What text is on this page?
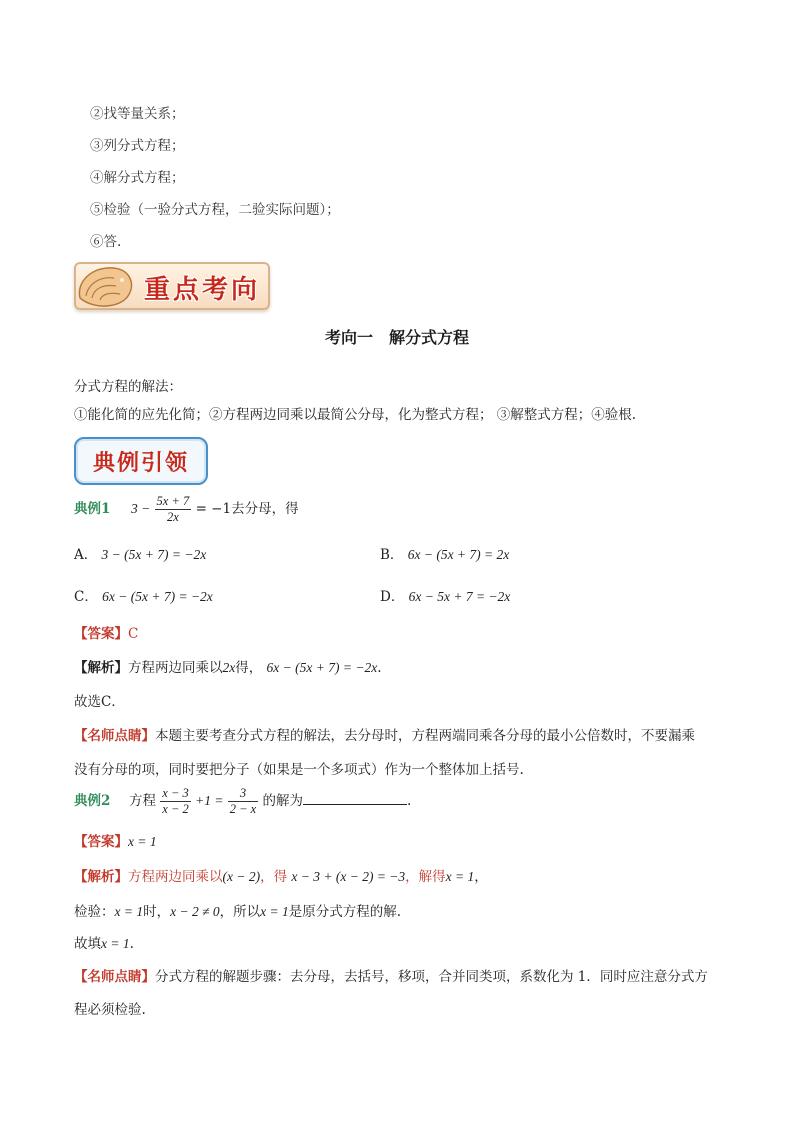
②找等量关系；
③列分式方程；
④解分式方程；
⑤检验（一验分式方程，二验实际问题）；
⑥答.
重点考向
考向一　解分式方程
分式方程的解法：
①能化简的应先化简；②方程两边同乘以最简公分母，化为整式方程； ③解整式方程；④验根.
典例引领
典例1 $3 - \frac{5x + 7}{2x} = -1$去分母，得
A． 3 − (5x + 7) = −2x	B． 6x − (5x + 7) = 2x
C． 6x − (5x + 7) = −2x	D． 6x − 5x + 7 = −2x
【答案】C
【解析】方程两边同乘以2x得， 6x − (5x + 7) = −2x.
故选C．
【名师点睛】本题主要考查分式方程的解法，去分母时，方程两端同乘各分母的最小公倍数时，不要漏乘
没有分母的项，同时要把分子（如果是一个多项式）作为一个整体加上括号.
典例2 方程 $\frac{x - 3}{x - 2} +1 = \frac{3}{2 - x}$ 的解为	.
【答案】x = 1
【解析】方程两边同乘以(x − 2)，得 x − 3 + (x − 2) = −3，解得x = 1，
检验：x = 1时，x − 2 ≠ 0，所以x = 1是原分式方程的解.
故填x = 1.
【名师点睛】分式方程的解题步骤：去分母，去括号，移项，合并同类项，系数化为 1．同时应注意分式方
程必须检验.
